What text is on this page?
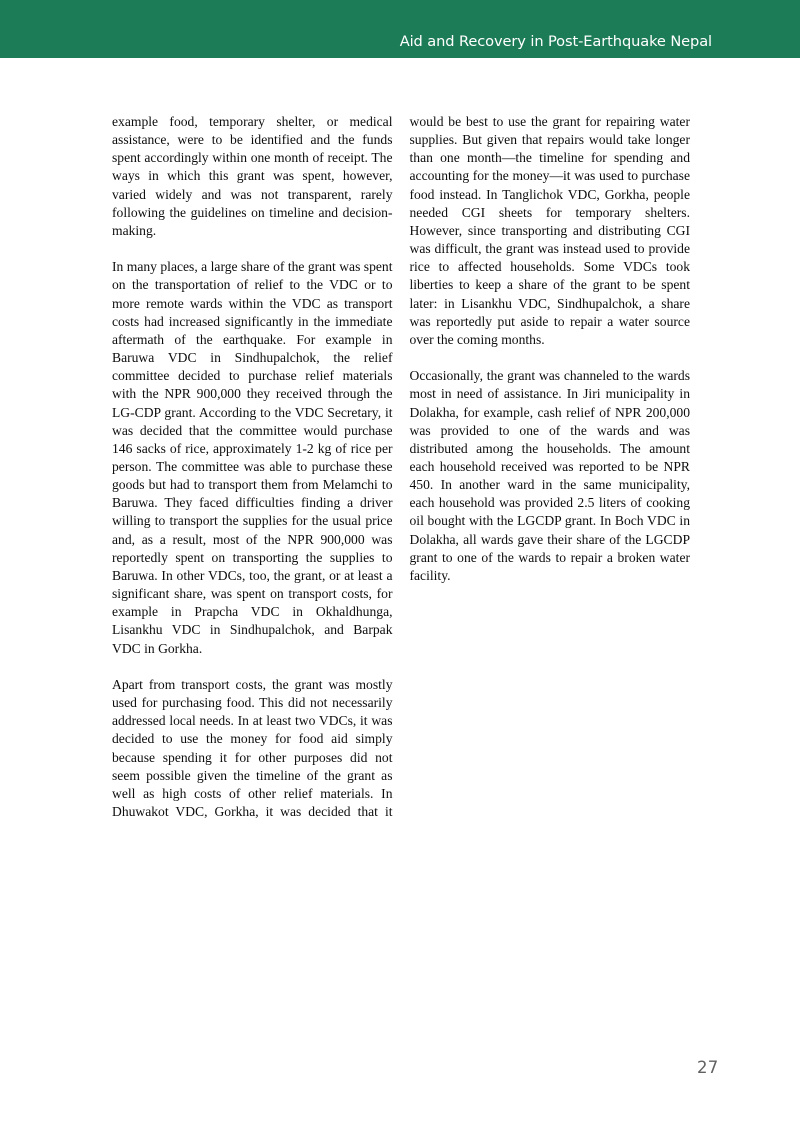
Aid and Recovery in Post-Earthquake Nepal

example food, temporary shelter, or medical assistance, were to be identified and the funds spent accordingly within one month of receipt. The ways in which this grant was spent, however, varied widely and was not transparent, rarely following the guidelines on timeline and decision-making.

In many places, a large share of the grant was spent on the transportation of relief to the VDC or to more remote wards within the VDC as transport costs had increased significantly in the immediate aftermath of the earthquake. For example in Baruwa VDC in Sindhupalchok, the relief committee decided to purchase relief materials with the NPR 900,000 they received through the LG-CDP grant. According to the VDC Secretary, it was decided that the committee would purchase 146 sacks of rice, approximately 1-2 kg of rice per person. The committee was able to purchase these goods but had to transport them from Melamchi to Baruwa. They faced difficulties finding a driver willing to transport the supplies for the usual price and, as a result, most of the NPR 900,000 was reportedly spent on transporting the supplies to Baruwa. In other VDCs, too, the grant, or at least a significant share, was spent on transport costs, for example in Prapcha VDC in Okhaldhunga, Lisankhu VDC in Sindhupalchok, and Barpak VDC in Gorkha.

Apart from transport costs, the grant was mostly used for purchasing food. This did not necessarily addressed local needs. In at least two VDCs, it was decided to use the money for food aid simply because spending it for other purposes did not seem possible given the timeline of the grant as well as high costs of other relief materials. In Dhuwakot VDC, Gorkha, it was decided that it would be best to use the grant for repairing water supplies. But given that repairs would take longer than one month—the timeline for spending and accounting for the money—it was used to purchase food instead. In Tanglichok VDC, Gorkha, people needed CGI sheets for temporary shelters. However, since transporting and distributing CGI was difficult, the grant was instead used to provide rice to affected households. Some VDCs took liberties to keep a share of the grant to be spent later: in Lisankhu VDC, Sindhupalchok, a share was reportedly put aside to repair a water source over the coming months.

Occasionally, the grant was channeled to the wards most in need of assistance. In Jiri municipality in Dolakha, for example, cash relief of NPR 200,000 was provided to one of the wards and was distributed among the households. The amount each household received was reported to be NPR 450. In another ward in the same municipality, each household was provided 2.5 liters of cooking oil bought with the LGCDP grant. In Boch VDC in Dolakha, all wards gave their share of the LGCDP grant to one of the wards to repair a broken water facility.

27
